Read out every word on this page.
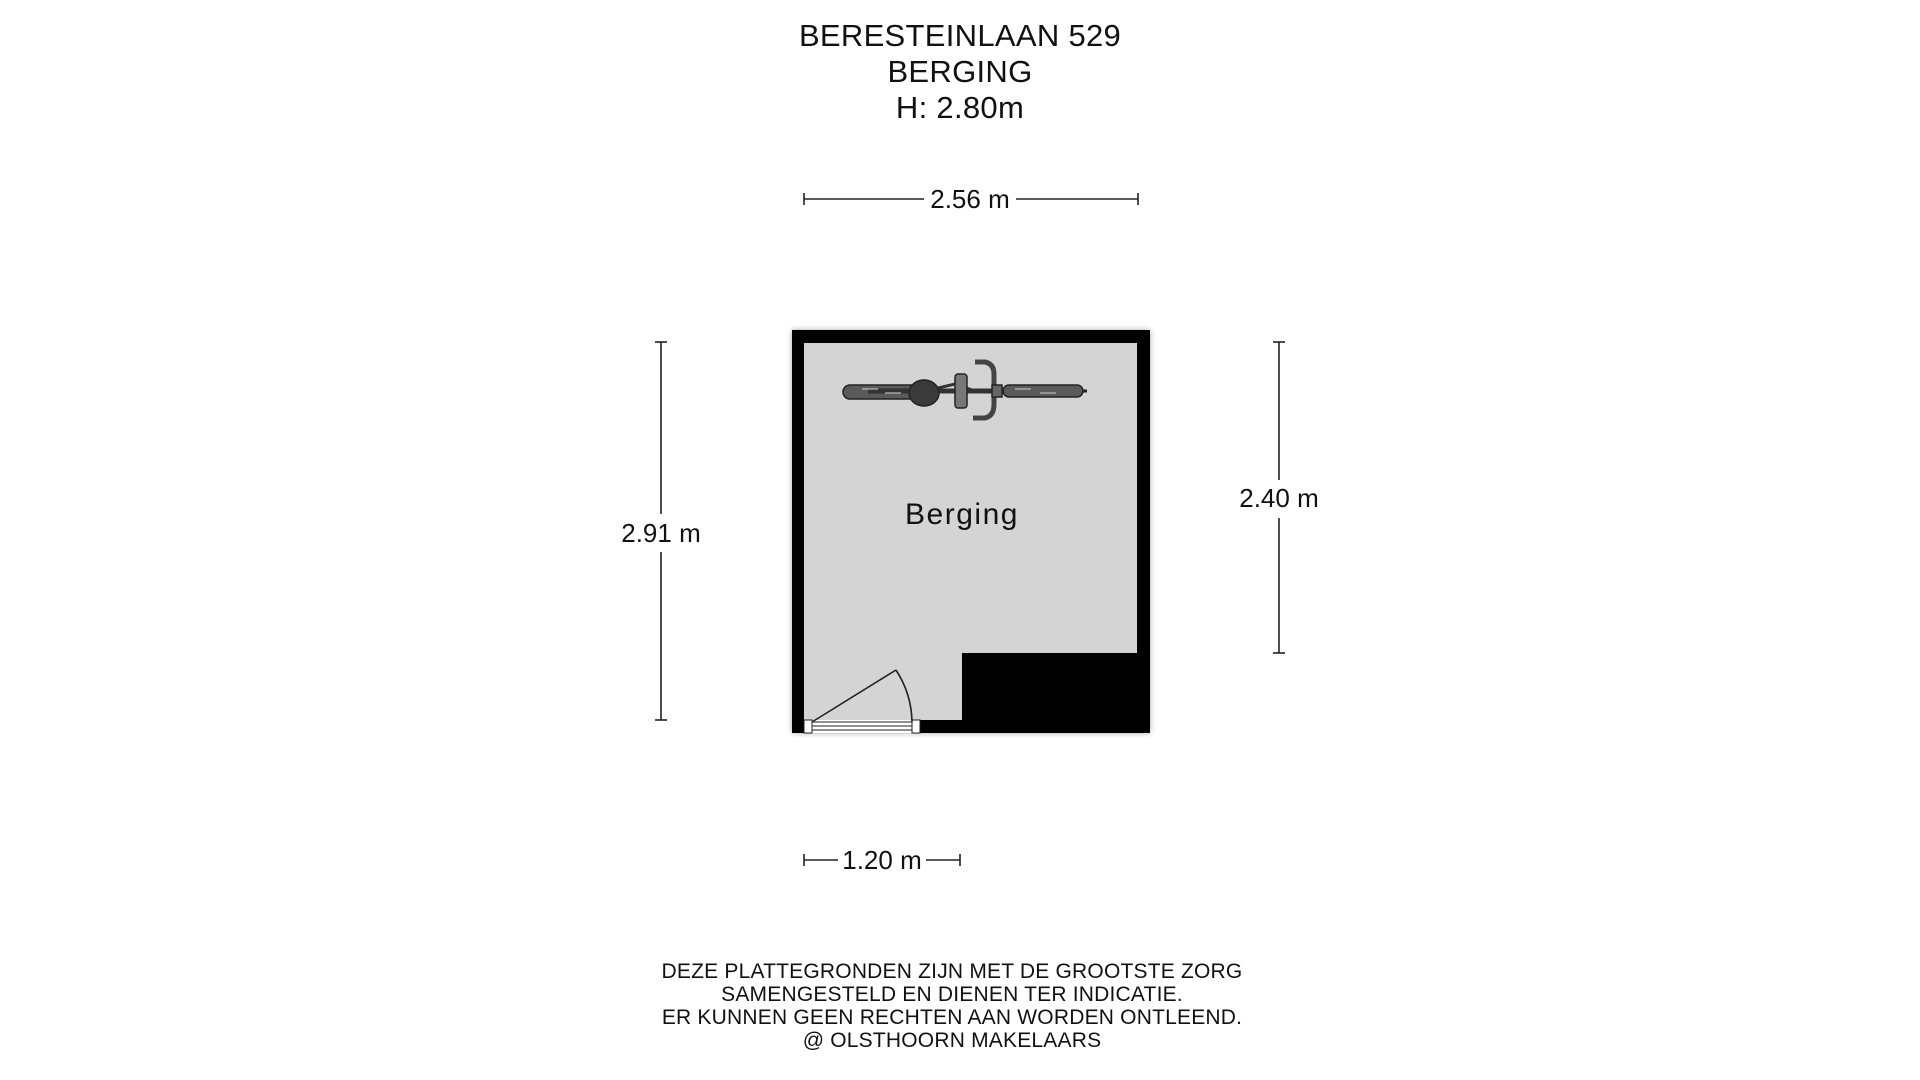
BERESTEINLAAN 529
BERGING
H: 2.80m
2.56 m
2.91 m
2.40 m
Berging
1.20 m
DEZE PLATTEGRONDEN ZIJN MET DE GROOTSTE ZORG
SAMENGESTELD EN DIENEN TER INDICATIE.
ER KUNNEN GEEN RECHTEN AAN WORDEN ONTLEEND.
@ OLSTHOORN MAKELAARS
